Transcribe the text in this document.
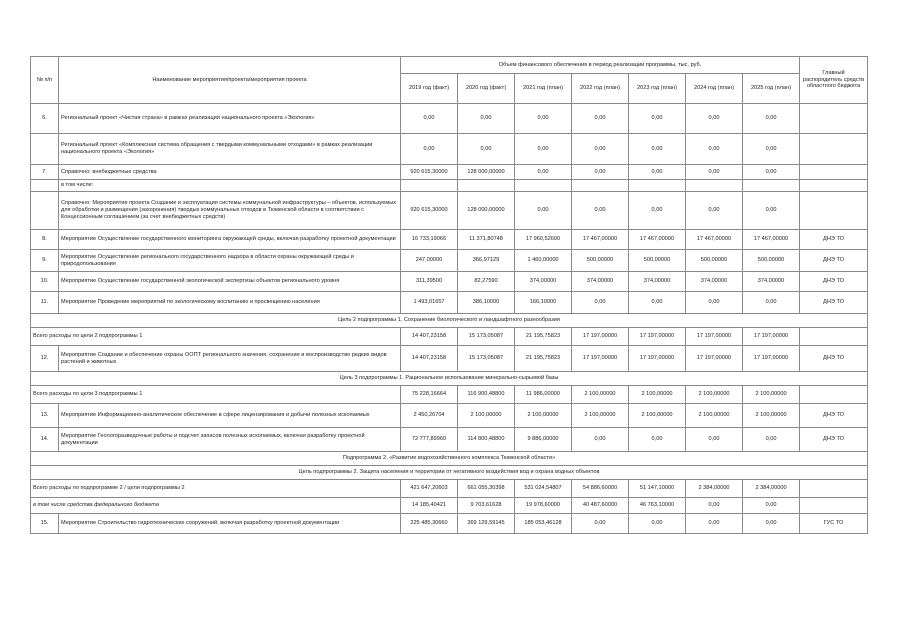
№ п/п	Наименование мероприятия/проекта/мероприятия проекта	Объем финансового обеспечения в период реализации программы, тыс. руб.							Главный распорядитель средств областного бюджета
		2019 год (факт)	2020 год (факт)	2021 год (план)	2022 год (план)	2023 год (план)	2024 год (план)	2025 год (план)	
6.	Региональный проект «Чистая страна» в рамках реализации национального проекта «Экология»	0,00	0,00	0,00	0,00	0,00	0,00	0,00	
	Региональный проект «Комплексная система обращения с твердыми коммунальными отходами» в рамках реализации национального проекта «Экология»	0,00	0,00	0,00	0,00	0,00	0,00	0,00	
7.	Справочно: внебюджетные средства	920 615,30000	128 000,00000	0,00	0,00	0,00	0,00	0,00	
	в том числе:								
	Справочно: Мероприятие проекта Создание и эксплуатация системы коммунальной инфраструктуры – объектов, используемых для обработки и размещения (захоронения) твердых коммунальных отходов в Тюменской области в соответствии с Концессионным соглашением (за счет внебюджетных средств)	920 615,30000	128 000,00000	0,00	0,00	0,00	0,00	0,00	
8.	Мероприятие Осуществление государственного мониторинга окружающей среды, включая разработку проектной документации	16 733,19066	11 371,80748	17 960,52600	17 467,00000	17 467,00000	17 467,00000	17 467,00000	ДНЭ ТО
9.	Мероприятие Осуществление регионального государственного надзора в области охраны окружающей среды и природопользования	247,00000	366,97129	1 460,00000	500,00000	500,00000	500,00000	500,00000	ДНЭ ТО
10.	Мероприятие Осуществление государственной экологической экспертизы объектов регионального уровня	311,39500	82,27590	374,00000	374,00000	374,00000	374,00000	374,00000	ДНЭ ТО
11.	Мероприятие Проведение мероприятий по экологическому воспитанию и просвещению населения	1 493,01657	386,10000	166,10000	0,00	0,00	0,00	0,00	ДНЭ ТО
Цель 2 подпрограммы 1. Сохранение биологического и ландшафтного разнообразия									
Всего расходы по цели 2 подпрограммы 1		14 407,23158	15 173,05087	21 195,75823	17 197,00000	17 197,00000	17 197,00000	17 197,00000	
12.	Мероприятие Создание и обеспечение охраны ООПТ регионального значения, сохранение и воспроизводство редких видов растений и животных	14 407,23158	15 173,05087	21 195,75823	17 197,00000	17 197,00000	17 197,00000	17 197,00000	ДНЭ ТО
Цель 3 подпрограммы 1. Рациональное использование минерально-сырьевой базы									
Всего расходы по цели 3 подпрограммы 1		75 228,16664	116 900,48800	11 986,00000	2 100,00000	2 100,00000	2 100,00000	2 100,00000	
13.	Мероприятие Информационно-аналитическое обеспечение в сфере лицензирования и добычи полезных ископаемых	2 450,26704	2 100,00000	2 100,00000	2 100,00000	2 100,00000	2 100,00000	2 100,00000	ДНЭ ТО
14.	Мероприятие Геологоразведочные работы и подсчет запасов полезных ископаемых, включая разработку проектной документации	72 777,89960	114 800,48800	9 886,00000	0,00	0,00	0,00	0,00	ДНЭ ТО
Подпрограмма 2. «Развитие водохозяйственного комплекса Тюменской области»									
Цель подпрограммы 2. Защита населения и территории от негативного воздействия вод и охрана водных объектов									
Всего расходы по подпрограмме 2 / цели подпрограммы 2		421 647,20603	661 055,30398	531 024,54807	54 886,60000	51 147,10000	2 384,00000	2 384,00000	
в том числе средства федерального бюджета		14 185,40421	9 703,61628	19 978,60000	40 487,60000	46 763,10000	0,00	0,00	
15.	Мероприятие Строительство гидротехнических сооружений, включая разработку проектной документации	225 485,30660	369 129,59145	185 053,46128	0,00	0,00	0,00	0,00	ГУС ТО
